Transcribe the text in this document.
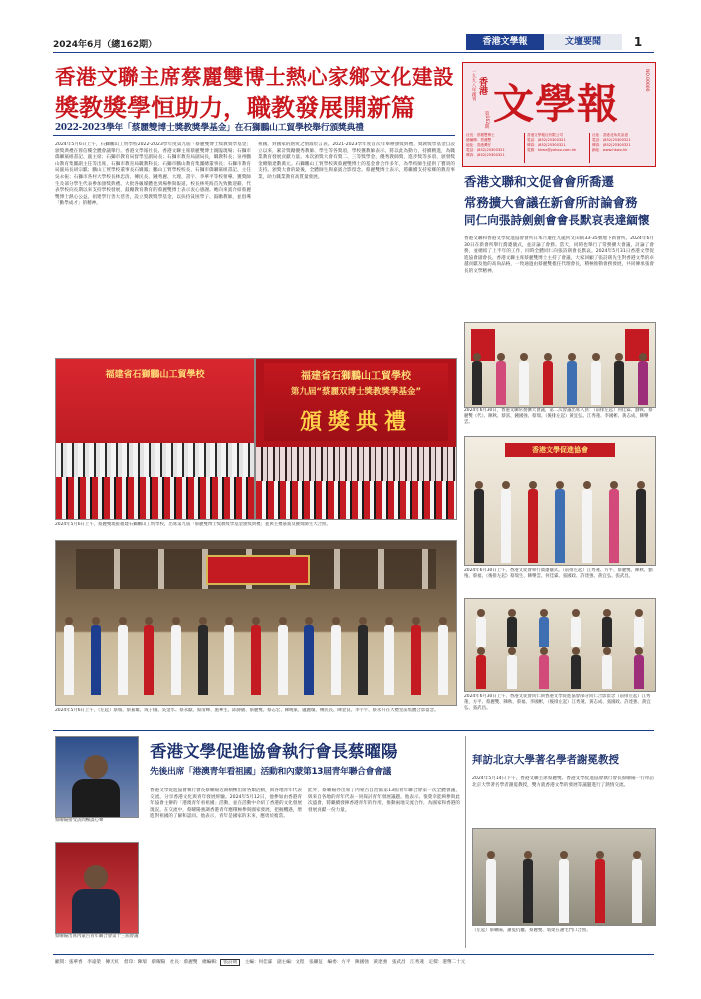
2024年6月（總162期）	香港文學報	文壇要聞	1
香港文聯主席蔡麗雙博士熱心家鄉文化建設
獎教獎學恒助力，職教發展開新篇
2022-2023學年「蔡麗雙博士獎教獎學基金」在石獅鵬山工貿學校舉行頒獎典禮
一九九八年創刊 香港 文學報	NO.00000
社長：蔡麗雙博士
總編輯：蔡麗雙
地址：香港灣仔
電話：(852)25300321
傳真：(852)25300321
香港文學報社有限公司
電話：(852)25300321
傳真：(852)25300321
電郵：hkwx@yahoo.com.hk
社址：香港北角英皇道
電話：(852)25300321
傳真：(852)25300321
網址：www.hkwx.hk
第162期
2024年5月6日上午，石獅鵬山工貿學校2022-2023學年度第九屆「蔡麗雙博士獎教獎學基金」頒獎典禮在蓉信樓全體會議舉行。香港文學報社長、香港文聯主席蔡麗雙博士親臨現場；石獅市僑聯黨組書記、副主席；石獅市教育局督學室副局長；石獅市教育局副局長，職教科長；泉州鵬山教育集團副主任等出席，石獅市教育局職教科長；石獅市鵬山教育集團總董事長；石獅市教育局副局長胡宗騏；鵬山工貿學校董事長石嬌鳳；鵬山工貿學校校長、石獅市僑聯黨組書記、主任吳永振；石獅市各村大學校長林忠清、傳民長、鍾秀麗、大理、書宇、李華平等校領導。獲獎師生及部分學生代表參加頒獎典禮。大批各級媒體也到場參與報道。校長林英海首先致歡迎辭，代表學校向長期以來支持學校發展，鼓勵教育教育的蔡麗雙博士表示衷心感謝。她向來賓介紹蔡麗雙博士熱心公益、捐建學行善大慈善，設立獎教獎學基金，以扶持貧困學子、鼓勵教師，並倡導「勤學成才」的精神。
祖國，對國家的熱愛之情溢於言表。2021-2023學年度首次年舉辦頒獎典禮，獎教獎學基金自設立以來，累計獎勵優秀教師、學生等各獎項，學校獲教師表示，將以此為動力，持續精進，為職業教育發展貢獻力量。本次頒獎大會有獎二、三等獎學金、優秀教師獎、進步獎等多項，頒發獎金總額達數萬元。石獅鵬山工貿學校與蔡麗雙博士的基金會合作多年，為學校師生提供了寶貴的支持。頒獎大會的最後，全體師生與嘉賓合影留念。蔡麗雙博士表示，將繼續支持家鄉的教育事業，助力職業教育高質量發展。
福建省石獅鵬山工貿學校
第九屆“蔡麗双博士獎教獎學基金”
頒獎典禮
福建省石獅鵬山工貿學校
2024年5月6日上午，蔡麗雙現蒞福建石獅鵬山工貿學校，出席第九屆「蔡麗雙博士獎教獎學基金頒獎典禮」並與主禮嘉賓及獲獎師生大合照。
2024年5月6日上午，（左起）蔡埔、蔡嘉雄、成子儀、吳金水、蔡永獻、蔡清輝、施華生、邱靜儀、蔡麗雙、蔡志宏、陳曉東、盧麗瓊、傳民長、陳金良、李宇宇、蔡永升在大禮堂前集體合影留念。
香港文聯和文促會會所喬遷
常務擴大會議在新會所討論會務
同仁向張詩劍劍會會長默哀表達緬懷
香港文聯和香港文學促進協會會所日本月遷往九龍何文田街33-35號地下新會所。2024年6月30日在新會所舉行喬遷儀式，並討論了會務。當天，同時也舉行了常務擴大會議，討論了會務，並總結了上半年的工作，同時全體同仁向張詩劍會長默哀。2024年5月31日香港文學促進協會副會長、香港文聯主席蔡麗雙博士主持了會議，大家回顧了張詩劍先生對香港文學的卓越貢獻及他的高尚品格，一致通過由蔡麗雙擔任代理會長，積極推動會務發展，共同傳承張會長的文學精神。
2024年6月30日，香港文聯常務擴大會議，第二次會議出席人員：（前排左起）何佳霖、劉戰、蔡麗雙（代）、陳秋、蔡富、鍾國強、蔡瑞、（後排左起）黃宜弘、江秀蓮、李國彬、黃志成、陳樂雲。
香港文學促進協會
2024年6月30日上午，香港文促會舉行喬遷儀式。（前排左起）江秀蓮、方平、蔡麗雙、陳秋、劉殖、蔡福，（後排左起）蔡瑞生、陳樂雲、何佳霖、張國政、許達強、黃宜弘、張武昌。
2024年6月30日上午，香港文促會同仁與香港文學促進協會部分同仁合影留念（前排左起）江秀蓮、方平、蔡麗雙、陳秋、蔡福、李國彬，（後排左起）江秀蓮、黃志成、張國政、許達強、黃宜弘、張武昌。
蔡曜陽接受訪問暢談心聲
蔡曜陽出席內蒙古青年聯合會第十三屆會議
香港文學促進協會執行會長蔡曜陽
先後出席「港澳青年看祖國」活動和內蒙第13屆青年聯合會會議
香港文學促進協會執行會長蔡曜陽近期積極出席各類活動，與各地青年代表交流，分享香港文化與青年發展經驗。2024年5月12日，他參加由香港青年協會主辦的「港澳青年看祖國」活動，並在活動中介紹了香港的文化發展現況。在交流中，蔡曜陽強調香港青年應積極參與國家發展，把握機遇，增進對祖國的了解和認同。他表示，青年是國家的未來，應勇於擔當。
此外，蔡曜陽亦出席了內蒙古自治區第13屆青年聯合會第一次全體會議，與來自各地的青年代表一同探討青年發展議題。他表示，很榮幸能夠參與此次盛會，將繼續發揮香港青年的作用，推動兩地交流合作，為國家和香港的發展貢獻一份力量。
拜訪北京大學著名學者謝冕教授
2024年5月14日下午，香港文聯主席蔡麗雙、香港文學促進協會執行會長蔡曜陽一行拜訪北京大學著名學者謝冕教授，雙方就香港文學的發展等議題進行了熱情交流。
（左起）蔡曜陽、謝冕伉儷、蔡麗雙、翁榮在謝宅門口合照。
顧問：張華香　李遠榮　傳天紅　督印：陳瑞　蔡曜陽　社長：蔡麗雙　總編輯： 張詩劍　 主編：何佳霖　副主編：文程　張繼征　編委：方平　陳國強　黃達強　張武昌　江秀蓮　 定價：港幣二十元
